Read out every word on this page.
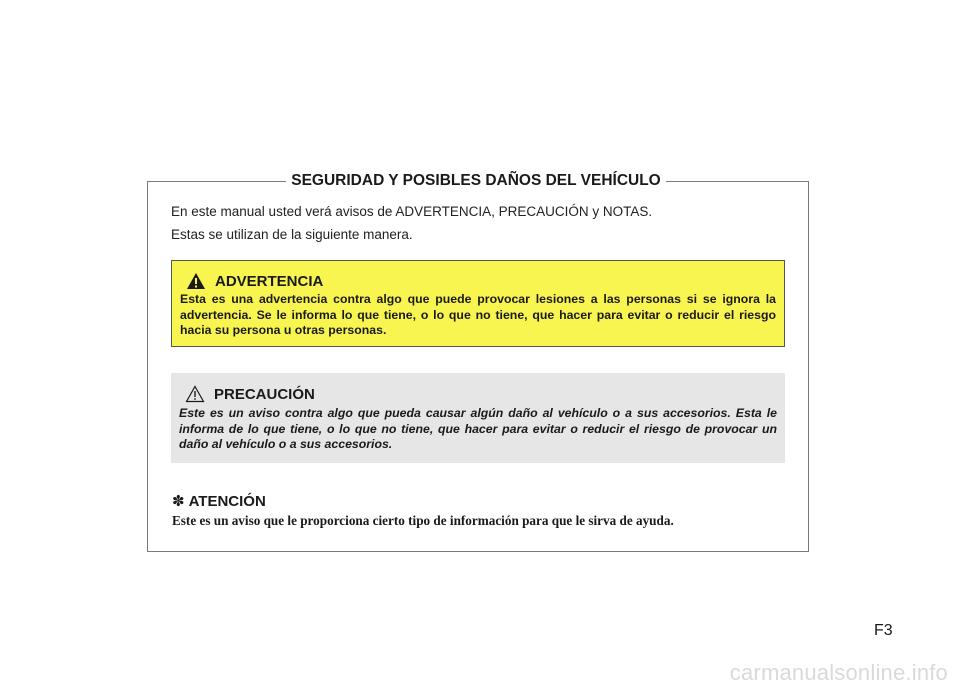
SEGURIDAD Y POSIBLES DAÑOS DEL VEHÍCULO
En este manual usted verá avisos de ADVERTENCIA, PRECAUCIÓN y NOTAS.
Estas se utilizan de la siguiente manera.
ADVERTENCIA
Esta es una advertencia contra algo que puede provocar lesiones a las personas si se ignora la advertencia. Se le informa lo que tiene, o lo que no tiene, que hacer para evitar o reducir el riesgo hacia su persona u otras personas.
PRECAUCIÓN
Este es un aviso contra algo que pueda causar algún daño al vehículo o a sus accesorios. Esta le informa de lo que tiene, o lo que no tiene, que hacer para evitar o reducir el riesgo de provocar un daño al vehículo o a sus accesorios.
✽ ATENCIÓN
Este es un aviso que le proporciona cierto tipo de información para que le sirva de ayuda.
F3
carmanualsonline.info
